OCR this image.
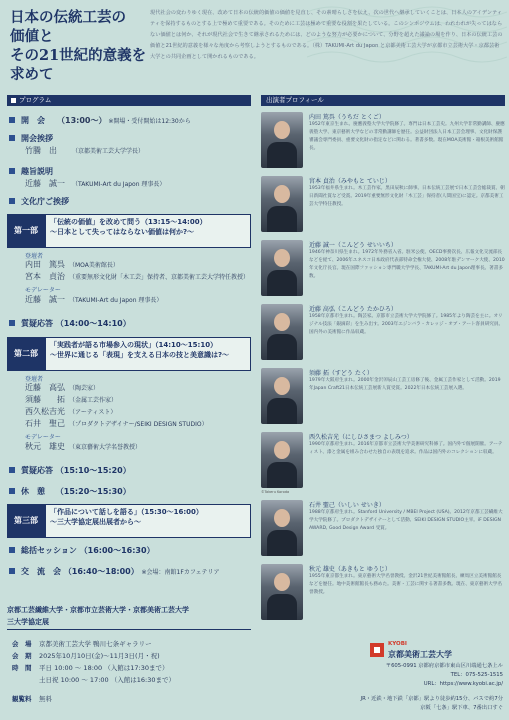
日本の伝統工芸の
価値と
その21世紀的意義を
求めて
現代社会の変わりゆく現在、改めて日本の伝統的価値の価値を見直し、その素晴らしさを伝え、次の世代へ継承していくことは、日本人のアイデンティティを保持するものとする上で極めて重要である。そのために工芸は極めて重要な役割を果たしている。このシンポジウムは、われわれが失ってはならない価値とは何か、それが現代社会で生きて継承されるためには、どのような努力が必要かについて、分野を超えた議論の場を作り、日本の伝統工芸の価値と21世紀的意義を様々な角度から考察しようとするものである。（株）TAKUMI-Art du Japon と京都美術工芸大学が京都市立芸術大学・京都芸術大学との共同企画として開かれるものである。
プログラム
開　会　　 （13:00〜） ※開場・受付開始は12:30から
開会挨拶
竹騰　出	（京都美術工芸大学学長）
趣旨説明
近藤　誠一 （TAKUMI-Art du Japon 理事長）
文化庁ご挨拶
第一部
「伝統の価値」を改めて問う（13:15〜14:00）
〜日本として失ってはならない価値は何か?〜
登壇者
内田　篤呉 （MOA美術館長）
宮本　貞治 （重要無形文化財「木工芸」保持者、京都美術工芸大学特任教授）
モデレーター
近藤　誠一 （TAKUMI-Art du Japon 理事長）
質疑応答 （14:00〜14:10）
第二部
「実践者が語る市場参入の現状」（14:10〜15:10）
〜世界に通じる「表現」を支える日本の技と美意識は?〜
登壇者
近藤　高弘 （陶芸家）
須藤　　拓 （金属工芸作家）
西久松吉光 （アーティスト）
石井　聖己 （プロダクトデザイナー/SEIKI DESIGN STUDIO）
モデレーター
秋元　雄史 （東京藝術大学名誉教授）
質疑応答 （15:10〜15:20）
休　憩　 （15:20〜15:30）
第三部
「作品について話しを語る」（15:30〜16:00）
〜三大学協定展出展者から〜
総括セッション （16:00〜16:30）
交　流　会 （16:40〜18:00） ※会場：南館1Fカフェテリア
京都工芸繊維大学・京都市立芸術大学・京都美術工芸大学
三大学協定展
会　場 京都美術工芸大学 鴨川七条ギャラリー
会　期 2025年10月10日(金)〜11月3日(月・祝)
時　間 平日 10:00 〜 18:00 （入館は17:30まで）
土日祝 10:00 〜 17:00 （入館は16:30まで）
観覧料 無料
出演者プロフィール
内田 篤呉（うちだ とくご）
1952年東京生まれ。慶應義塾大学大学院修了。専門は日本工芸史。九州大学非常勤講師、慶應義塾大学、東京藝術大学などの非常勤講師を歴任。公益財団法人日本工芸会理事、文化財保護審議会専門委員、重要文化財の指定などに関わる。著書多数。現在MOA美術館・箱根美術館館長。
宮本 貞治（みやもと ていじ）
1953年福井県生まれ。木工芸作家。黒田辰秋に師事。日本伝統工芸展で日本工芸会総裁賞、朝日新聞社賞など受賞。2019年重要無形文化財「木工芸」保持者(人間国宝)に認定。京都美術工芸大学特任教授。
近藤 誠一（こんどう せいいち）
1946年神奈川県生まれ。1972年外務省入省。駐米公使、OECD事務次長、広報文化交流部長などを経て、2006年ユネスコ日本政府代表部特命全権大使、2008年駐デンマーク大使、2010年文化庁長官。現在国際ファッション専門職大学学長、TAKUMI-Art du Japon理事長。著書多数。
近藤 高弘（こんどう たかひろ）
1958年京都市生まれ。陶芸家。京都市立芸術大学大学院修了。1985年より陶芸を主に。オリジナル技法「銀滴彩」を生み出す。2003年エジンバラ・カレッジ・オブ・アート客員研究員。国内外の美術館に作品収蔵。
須藤 拓（すどう たく）
1979年大阪府生まれ。2000年金沢卯辰山工芸工房修了後、金属工芸作家として活動。2019年Japan Craft21日本伝統工芸展新人賞受賞。2022年日本伝統工芸展入選。
©Takeru Koroda
西久松吉光（にしひさまつ よしみつ）
1990年京都府生まれ。2016年京都市立芸術大学美術研究科修了。国内外で個展開催。アーティスト、漆と金属を組み合わせた独自の表現を追求。作品は国内外のコレクションに収蔵。
石井 聖己（いしい せいき）
1988年京都府生まれ。Stanford University / MBEI Project (USA)。2012年京都工芸繊維大学大学院修了。プロダクトデザイナーとして活動、SEIKI DESIGN STUDIO主宰。iF DESIGN AWARD, Good Design Award 受賞。
秋元 雄史（あきもと ゆうじ）
1955年東京都生まれ。東京藝術大学名誉教授。金沢21世紀美術館館長、練馬区立美術館館長などを歴任。地中美術館館長も務めた。美術・工芸に関する著書多数。現在、東京藝術大学名誉教授。
KYOBI
京都美術工芸大学
〒605-0991 京都府京都市東山区川端通七条上ル
TEL：075-525-1515
URL：https://www.kyobi.ac.jp/
JR・近鉄・地下鉄「京都」駅より徒歩約15分、バスで約7分
京阪「七条」駅下車、7番出口すぐ
